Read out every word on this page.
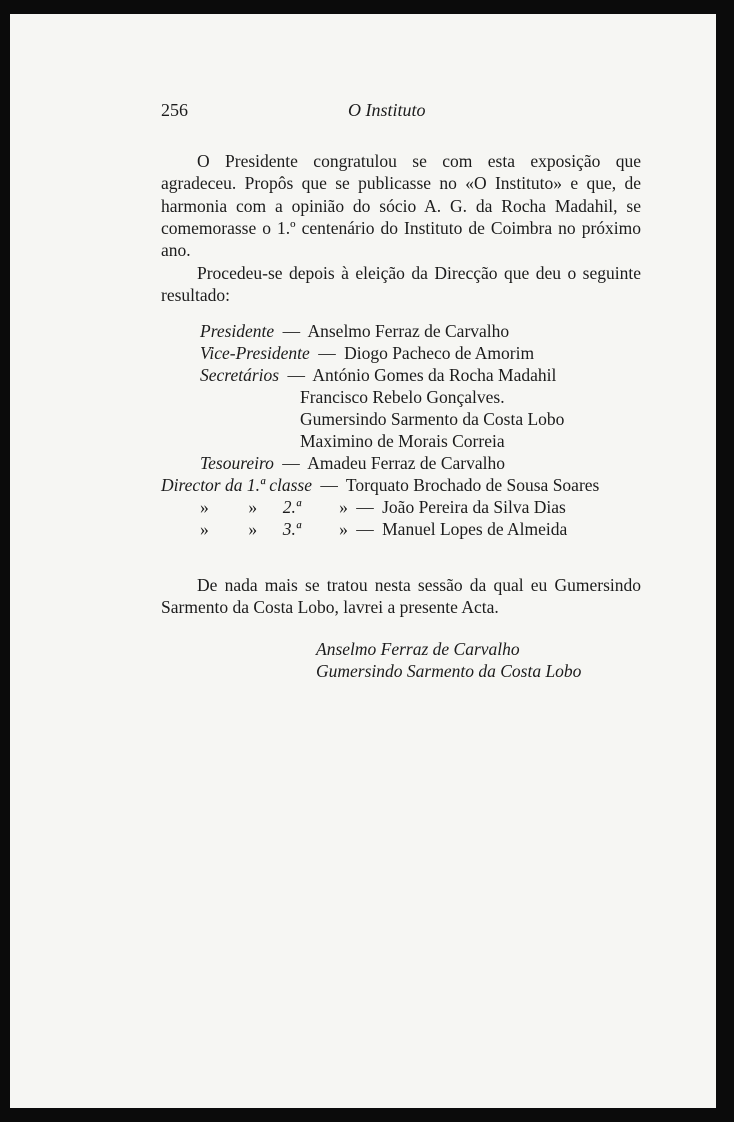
256	O Instituto

O Presidente congratulou se com esta exposição que agradeceu. Propôs que se publicasse no «O Instituto» e que, de harmonia com a opinião do sócio A. G. da Rocha Madahil, se comemorasse o 1.º centenário do Instituto de Coimbra no próximo ano.

Procedeu-se depois à eleição da Direcção que deu o seguinte resultado:

Presidente — Anselmo Ferraz de Carvalho
Vice-Presidente — Diogo Pacheco de Amorim
Secretários — António Gomes da Rocha Madahil
Francisco Rebelo Gonçalves.
Gumersindo Sarmento da Costa Lobo
Maximino de Morais Correia
Tesoureiro — Amadeu Ferraz de Carvalho
Director da 1.ª classe — Torquato Brochado de Sousa Soares
» » 2.ª » — João Pereira da Silva Dias
» » 3.ª » — Manuel Lopes de Almeida

De nada mais se tratou nesta sessão da qual eu Gumersindo Sarmento da Costa Lobo, lavrei a presente Acta.

Anselmo Ferraz de Carvalho
Gumersindo Sarmento da Costa Lobo
